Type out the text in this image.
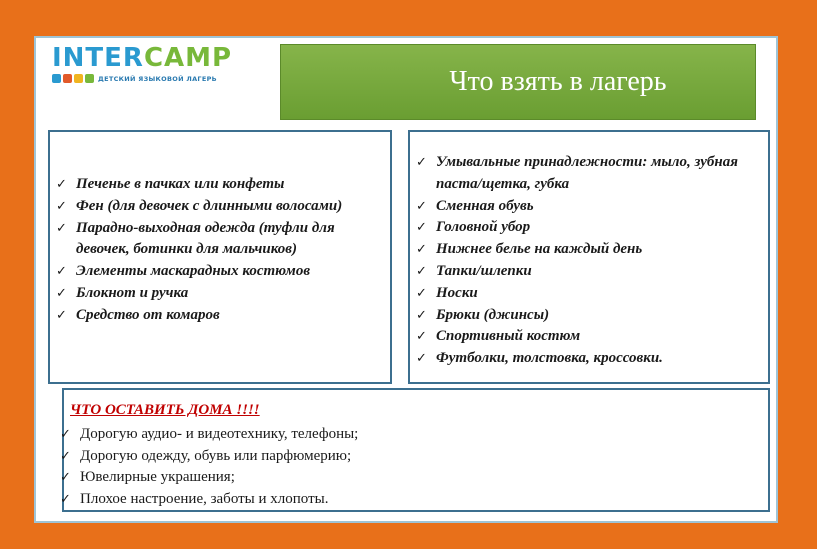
INTERCAMP
ДЕТСКИЙ ЯЗЫКОВОЙ ЛАГЕРЬ	Что взять в лагерь
✓ Печенье в пачках или конфеты
✓ Фен (для девочек с длинными волосами)
✓ Парадно-выходная одежда (туфли для девочек, ботинки для мальчиков)
✓ Элементы маскарадных костюмов
✓ Блокнот и ручка
✓ Средство от комаров
✓ Умывальные принадлежности: мыло, зубная паста/щетка, губка
✓ Сменная обувь
✓ Головной убор
✓ Нижнее белье на каждый день
✓ Тапки/шлепки
✓ Носки
✓ Брюки (джинсы)
✓ Спортивный костюм
✓ Футболки, толстовка, кроссовки.
ЧТО ОСТАВИТЬ ДОМА !!!!
✓ Дорогую аудио- и видеотехнику, телефоны;
✓ Дорогую одежду, обувь или парфюмерию;
✓ Ювелирные украшения;
✓ Плохое настроение, заботы и хлопоты.
